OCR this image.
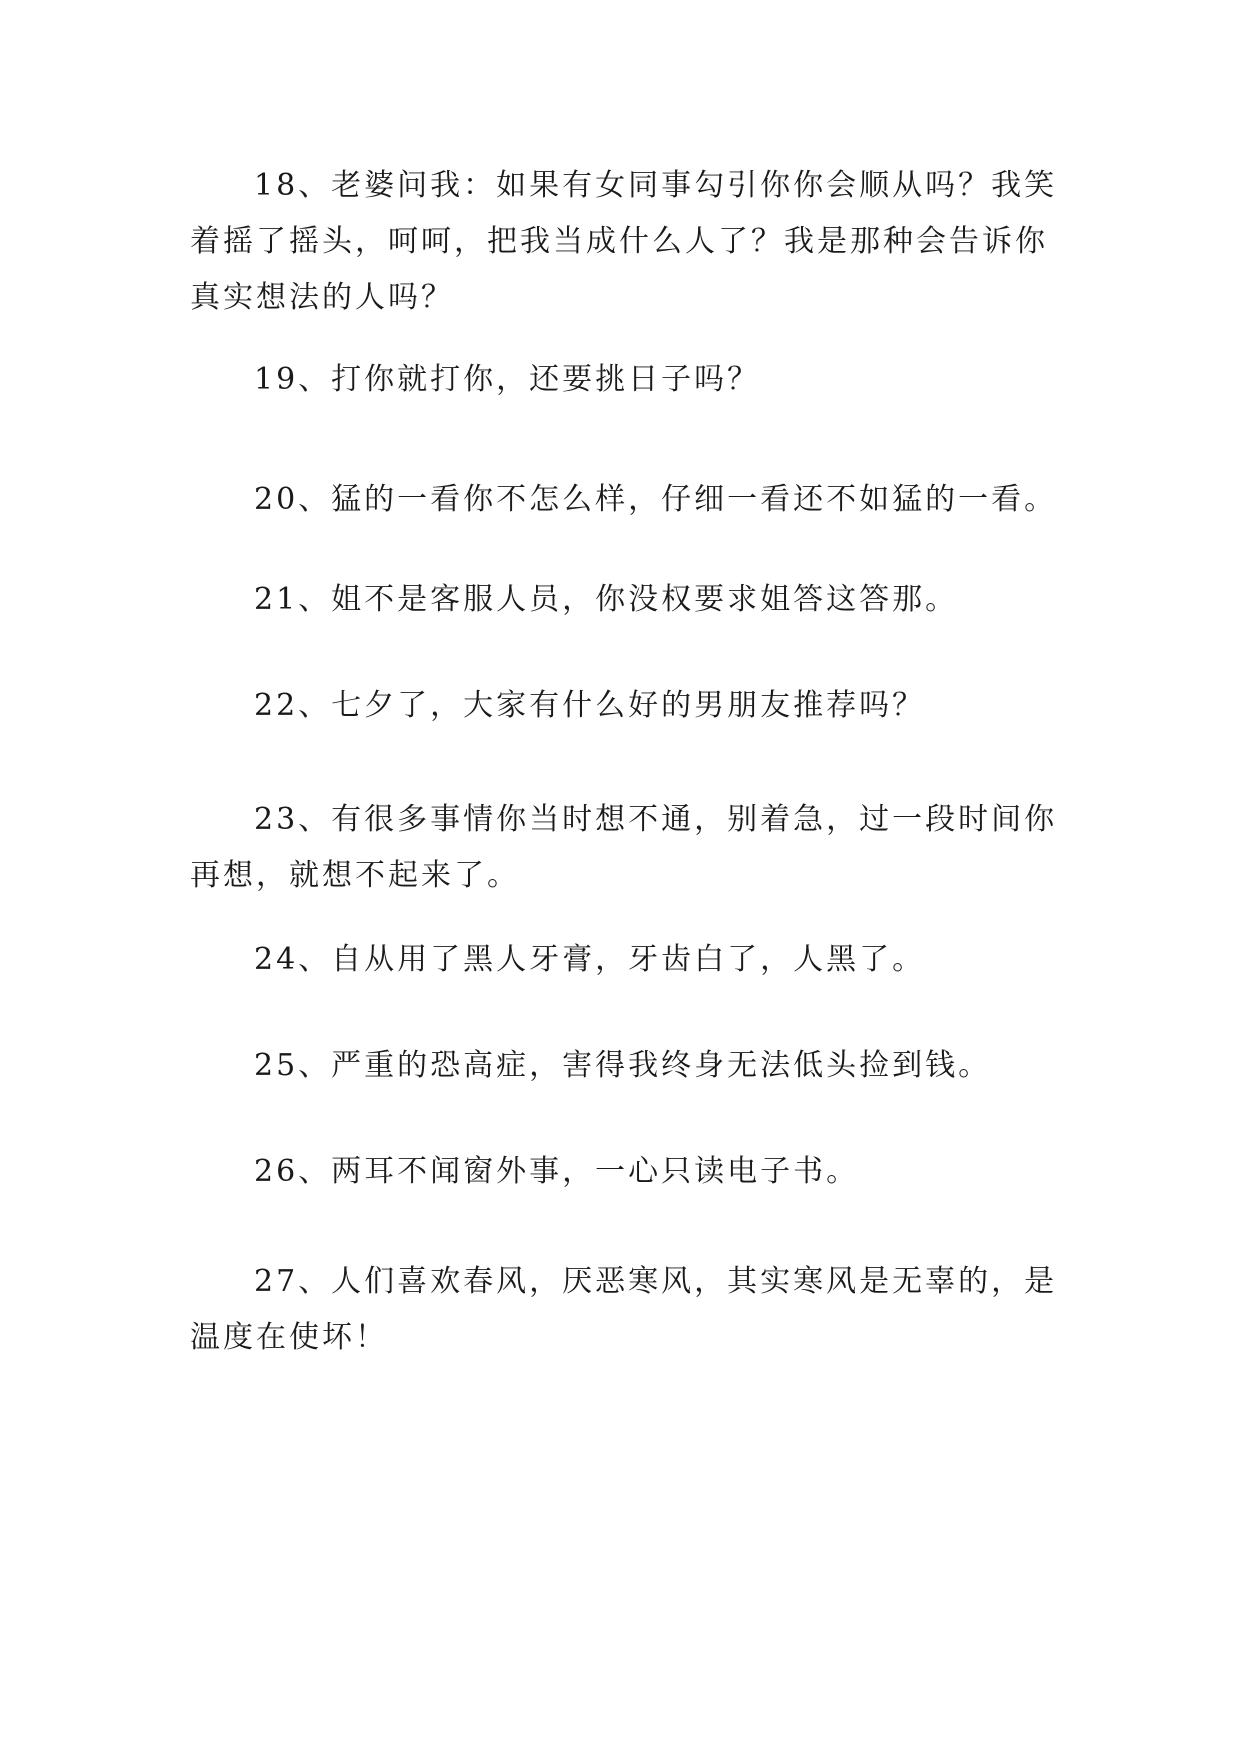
18、老婆问我：如果有女同事勾引你你会顺从吗？我笑着摇了摇头，呵呵，把我当成什么人了？我是那种会告诉你真实想法的人吗？

19、打你就打你，还要挑日子吗？

20、猛的一看你不怎么样，仔细一看还不如猛的一看。

21、姐不是客服人员，你没权要求姐答这答那。

22、七夕了，大家有什么好的男朋友推荐吗？

23、有很多事情你当时想不通，别着急，过一段时间你再想，就想不起来了。

24、自从用了黑人牙膏，牙齿白了，人黑了。

25、严重的恐高症，害得我终身无法低头捡到钱。

26、两耳不闻窗外事，一心只读电子书。

27、人们喜欢春风，厌恶寒风，其实寒风是无辜的，是温度在使坏！
